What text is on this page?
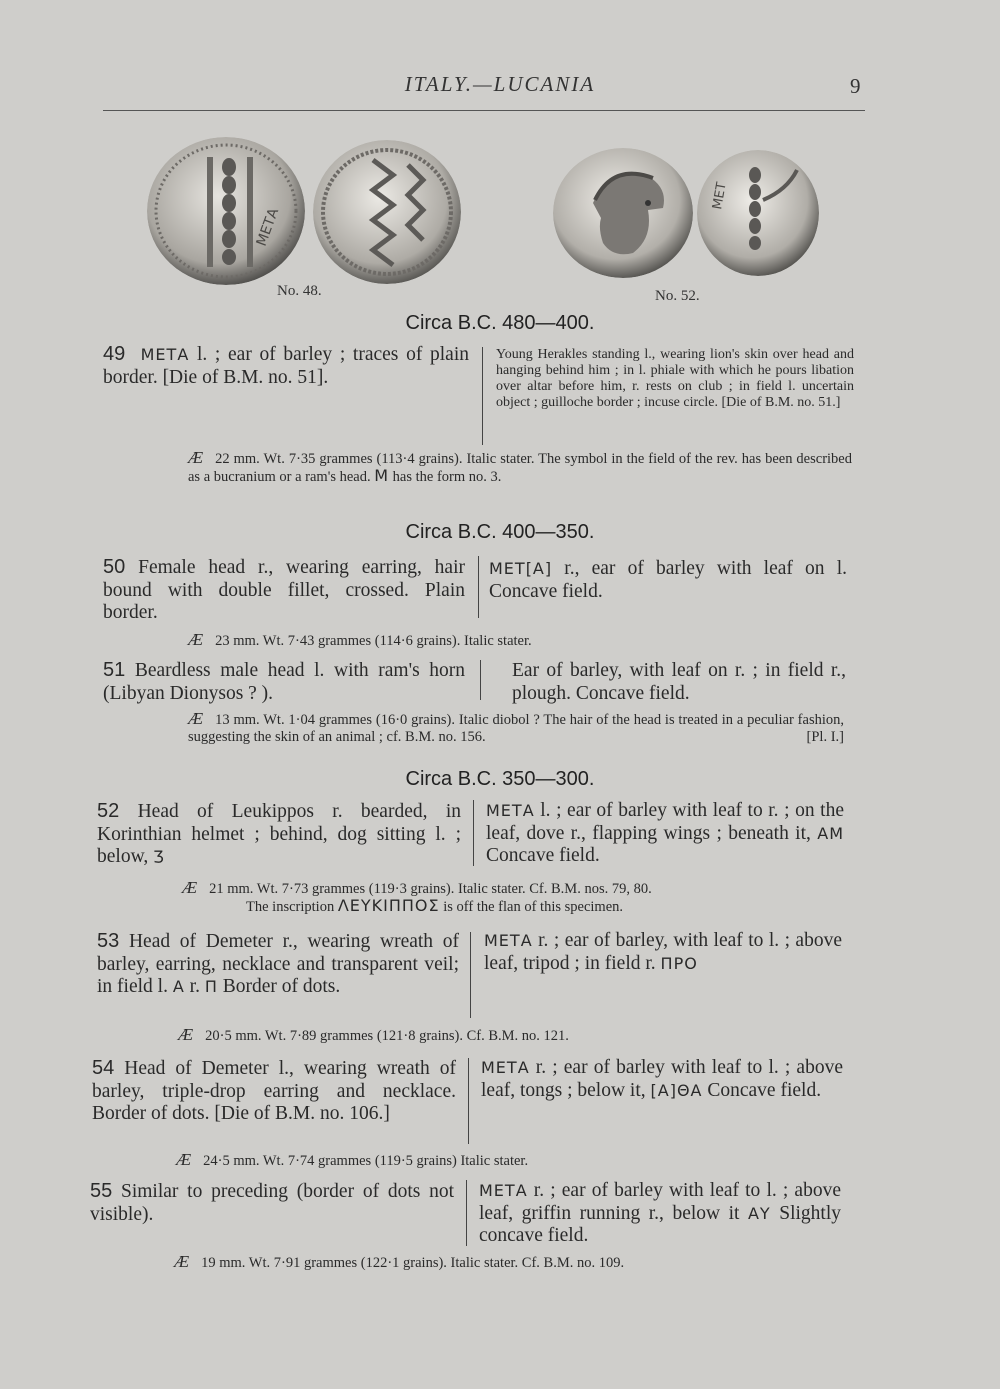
ITALY.—LUCANIA	9
ΜΕΤΑ
ΜΕΤ
No. 48.	No. 52.
Circa B.C. 480—400.
49 ΜΕΤΑ l. ; ear of barley ; traces of plain border. [Die of B.M. no. 51].
Young Herakles standing l., wearing lion's skin over head and hanging behind him ; in l. phiale with which he pours libation over altar before him, r. rests on club ; in field l. uncertain object ; guilloche border ; incuse circle. [Die of B.M. no. 51.]
Æ 22 mm. Wt. 7·35 grammes (113·4 grains). Italic stater. The symbol in the field of the rev. has been described as a bucranium or a ram's head. Μ has the form no. 3.
Circa B.C. 400—350.
50 Female head r., wearing earring, hair bound with double fillet, crossed. Plain border.
ΜΕΤ[Α] r., ear of barley with leaf on l. Concave field.
Æ 23 mm. Wt. 7·43 grammes (114·6 grains). Italic stater.
51 Beardless male head l. with ram's horn (Libyan Dionysos ? ).
Ear of barley, with leaf on r. ; in field r., plough. Concave field.
Æ 13 mm. Wt. 1·04 grammes (16·0 grains). Italic diobol ? The hair of the head is treated in a peculiar fashion, suggesting the skin of an animal ; cf. B.M. no. 156.	[Pl. I.]
Circa B.C. 350—300.
52 Head of Leukippos r. bearded, in Korinthian helmet ; behind, dog sitting l. ; below, Ʒ
ΜΕΤΑ l. ; ear of barley with leaf to r. ; on the leaf, dove r., flapping wings ; beneath it, ΑΜ Concave field.
Æ 21 mm. Wt. 7·73 grammes (119·3 grains). Italic stater. Cf. B.M. nos. 79, 80.
The inscription ΛΕΥΚΙΠΠΟΣ is off the flan of this specimen.
53 Head of Demeter r., wearing wreath of barley, earring, necklace and transparent veil; in field l. Α r. Π Border of dots.
ΜΕΤΑ r. ; ear of barley, with leaf to l. ; above leaf, tripod ; in field r. ΠΡΟ
Æ 20·5 mm. Wt. 7·89 grammes (121·8 grains). Cf. B.M. no. 121.
54 Head of Demeter l., wearing wreath of barley, triple-drop earring and necklace. Border of dots. [Die of B.M. no. 106.]
ΜΕΤΑ r. ; ear of barley with leaf to l. ; above leaf, tongs ; below it, [Α]ΘΑ Concave field.
Æ 24·5 mm. Wt. 7·74 grammes (119·5 grains) Italic stater.
55 Similar to preceding (border of dots not visible).
ΜΕΤΑ r. ; ear of barley with leaf to l. ; above leaf, griffin running r., below it ΑΥ Slightly concave field.
Æ 19 mm. Wt. 7·91 grammes (122·1 grains). Italic stater. Cf. B.M. no. 109.
